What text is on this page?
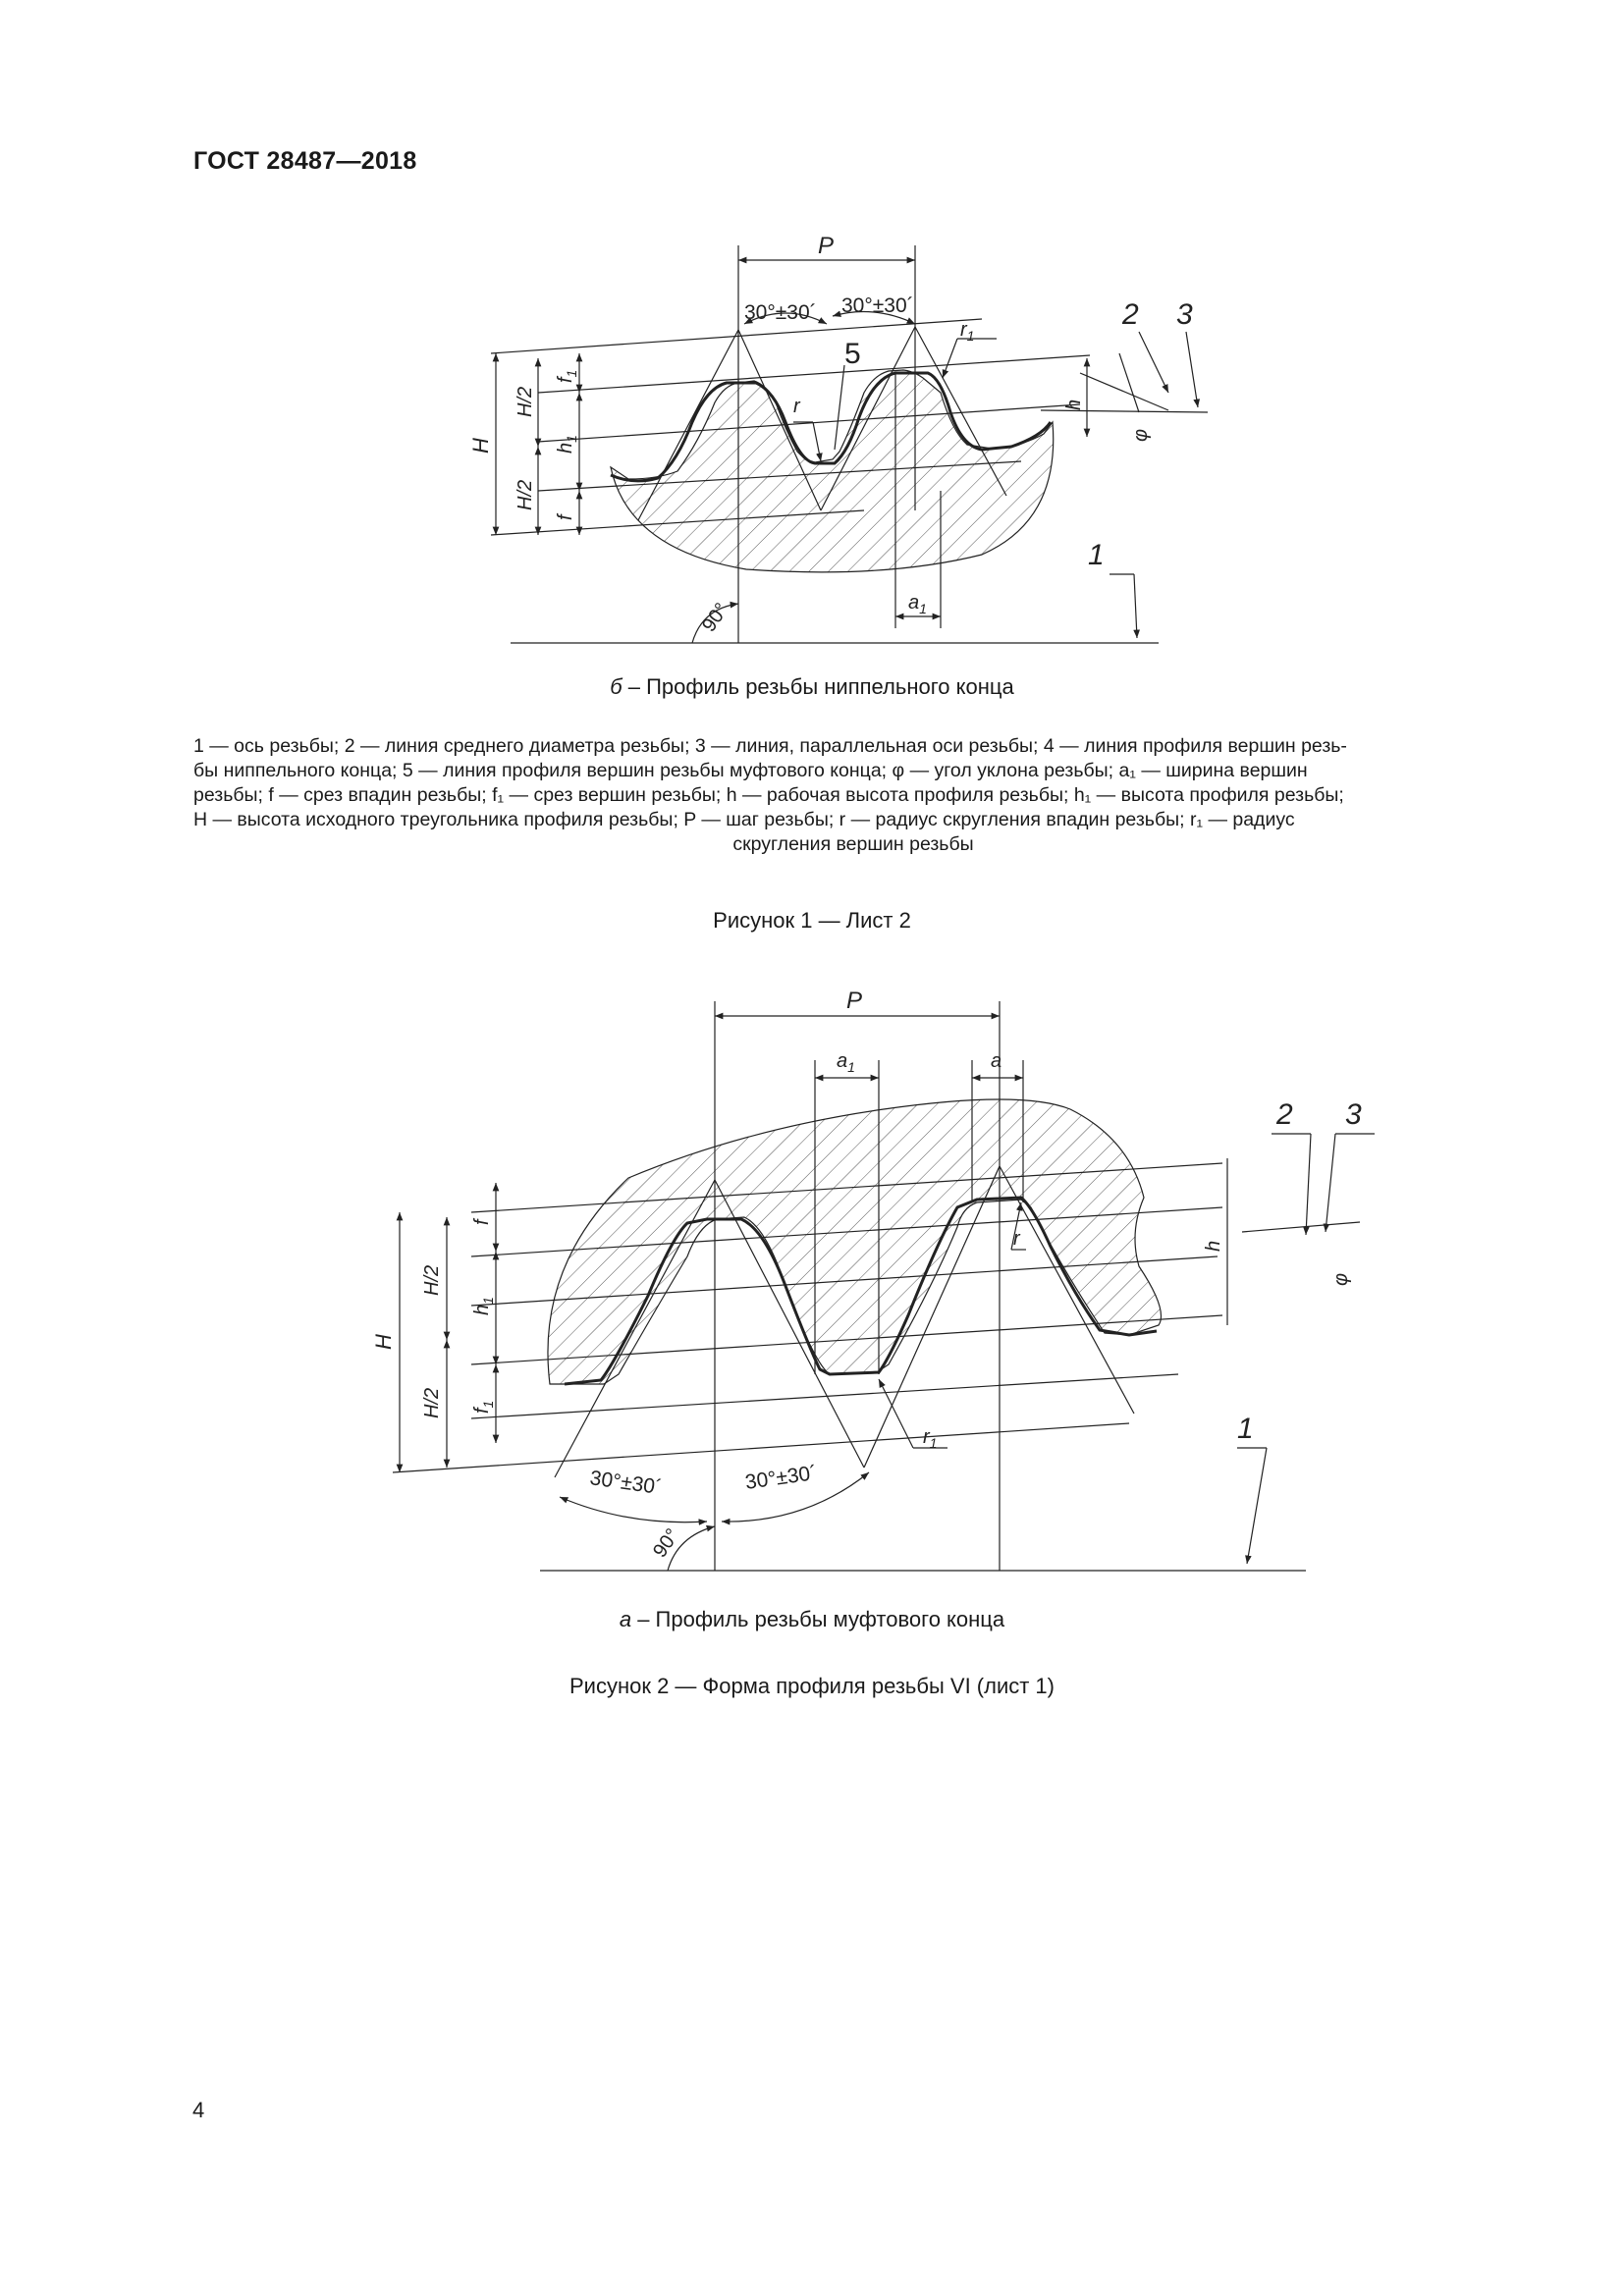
ГОСТ 28487—2018
P
30°±30´ 30°±30´
$r_1$
5
r
2 3
1
H
H/2
H/2
$f_1$
$h_1$
f
h
φ
$a_1$
90°
б – Профиль резьбы ниппельного конца
1 — ось резьбы; 2 — линия среднего диаметра резьбы; 3 — линия, параллельная оси резьбы; 4 — линия профиля вершин резь-
бы ниппельного конца; 5 — линия профиля вершин резьбы муфтового конца; φ — угол уклона резьбы; a₁ — ширина вершин
резьбы; f — срез впадин резьбы; f₁ — срез вершин резьбы; h — рабочая высота профиля резьбы; h₁ — высота профиля резьбы;
H — высота исходного треугольника профиля резьбы; P — шаг резьбы; r — радиус скругления впадин резьбы; r₁ — радиус
скругления вершин резьбы
Рисунок 1 — Лист 2
P
$a_1$	a
2 3
1
r
$r_1$
H
H/2
H/2
f
$h_1$
$f_1$
h
φ
30°±30´	30°±30´
90°
а – Профиль резьбы муфтового конца
Рисунок 2 — Форма профиля резьбы VI (лист 1)
4
